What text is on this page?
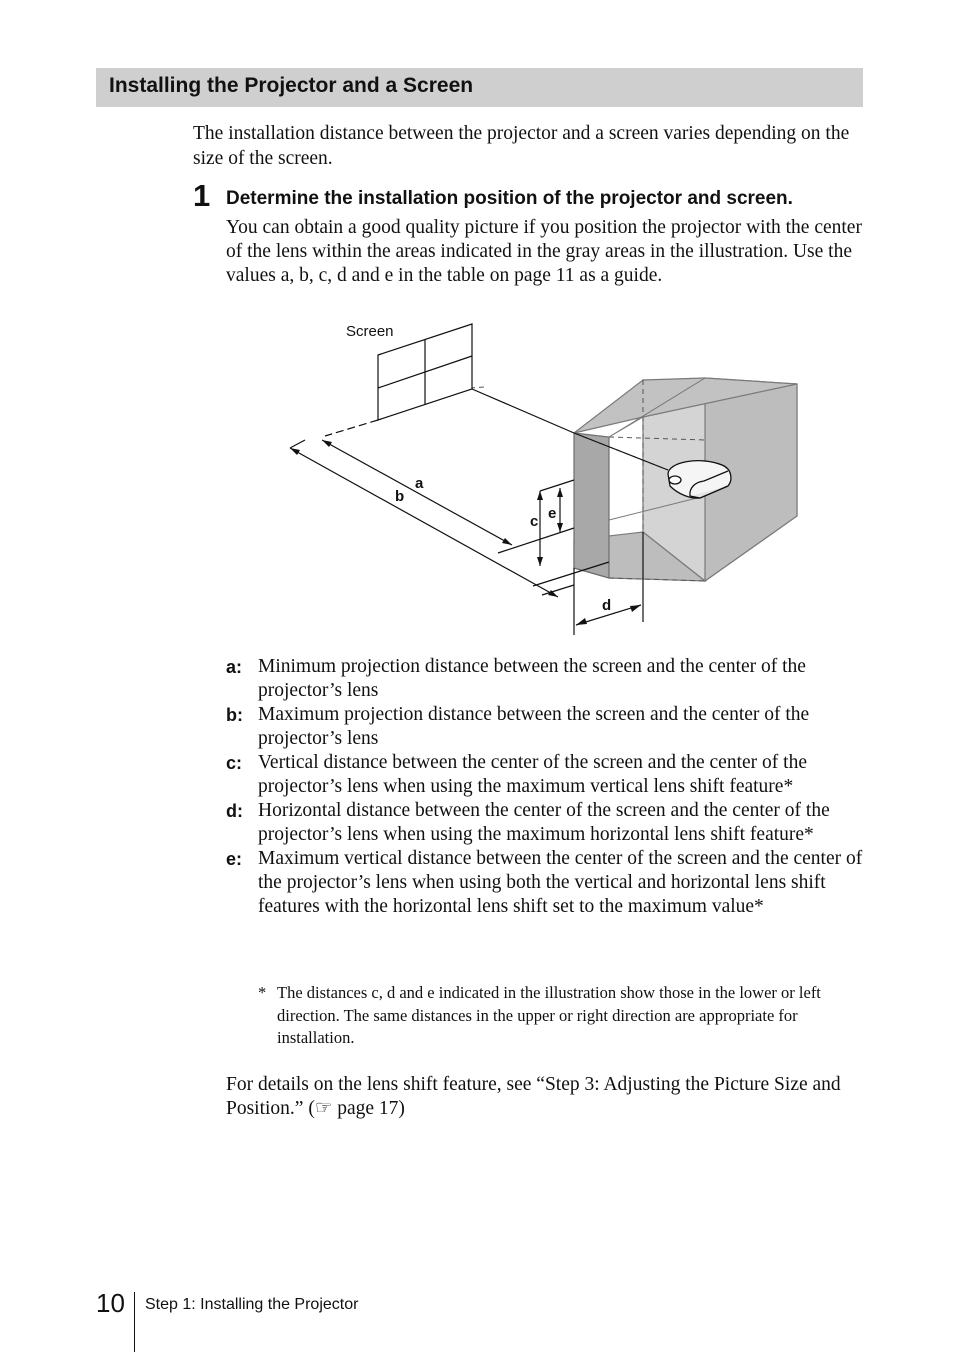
Installing the Projector and a Screen

The installation distance between the projector and a screen varies depending on the size of the screen.

1 Determine the installation position of the projector and screen.

You can obtain a good quality picture if you position the projector with the center of the lens within the areas indicated in the gray areas in the illustration. Use the values a, b, c, d and e in the table on page 11 as a guide.

Screen
a
b
c e
d

a: Minimum projection distance between the screen and the center of the projector’s lens

b: Maximum projection distance between the screen and the center of the projector’s lens

c: Vertical distance between the center of the screen and the center of the projector’s lens when using the maximum vertical lens shift feature*

d: Horizontal distance between the center of the screen and the center of the projector’s lens when using the maximum horizontal lens shift feature*

e: Maximum vertical distance between the center of the screen and the center of the projector’s lens when using both the vertical and horizontal lens shift features with the horizontal lens shift set to the maximum value*

* The distances c, d and e indicated in the illustration show those in the lower or left direction. The same distances in the upper or right direction are appropriate for installation.

For details on the lens shift feature, see “Step 3: Adjusting the Picture Size and Position.” (☞ page 17)

10 Step 1: Installing the Projector
